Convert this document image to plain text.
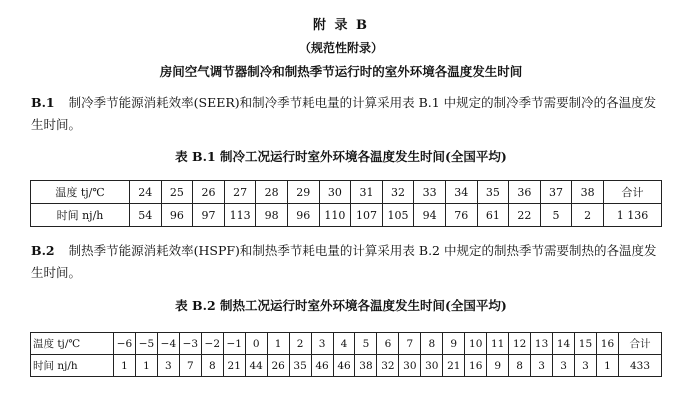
附 录 B
（规范性附录）
房间空气调节器制冷和制热季节运行时的室外环境各温度发生时间
B.1 制冷季节能源消耗效率(SEER)和制冷季节耗电量的计算采用表 B.1 中规定的制冷季节需要制冷的各温度发生时间。
表 B.1 制冷工况运行时室外环境各温度发生时间(全国平均)
温度 tj/℃	24	25	26	27	28	29	30	31	32	33	34	35	36	37	38	合计
时间 nj/h	54	96	97	113	98	96	110	107	105	94	76	61	22	5	2	1 136
B.2 制热季节能源消耗效率(HSPF)和制热季节耗电量的计算采用表 B.2 中规定的制热季节需要制热的各温度发生时间。
表 B.2 制热工况运行时室外环境各温度发生时间(全国平均)
温度 tj/℃	−6	−5	−4	−3	−2	−1	0	1	2	3	4	5	6	7	8	9	10	11	12	13	14	15	16	合计
时间 nj/h	1	1	3	7	8	21	44	26	35	46	46	38	32	30	30	21	16	9	8	3	3	3	1	433
